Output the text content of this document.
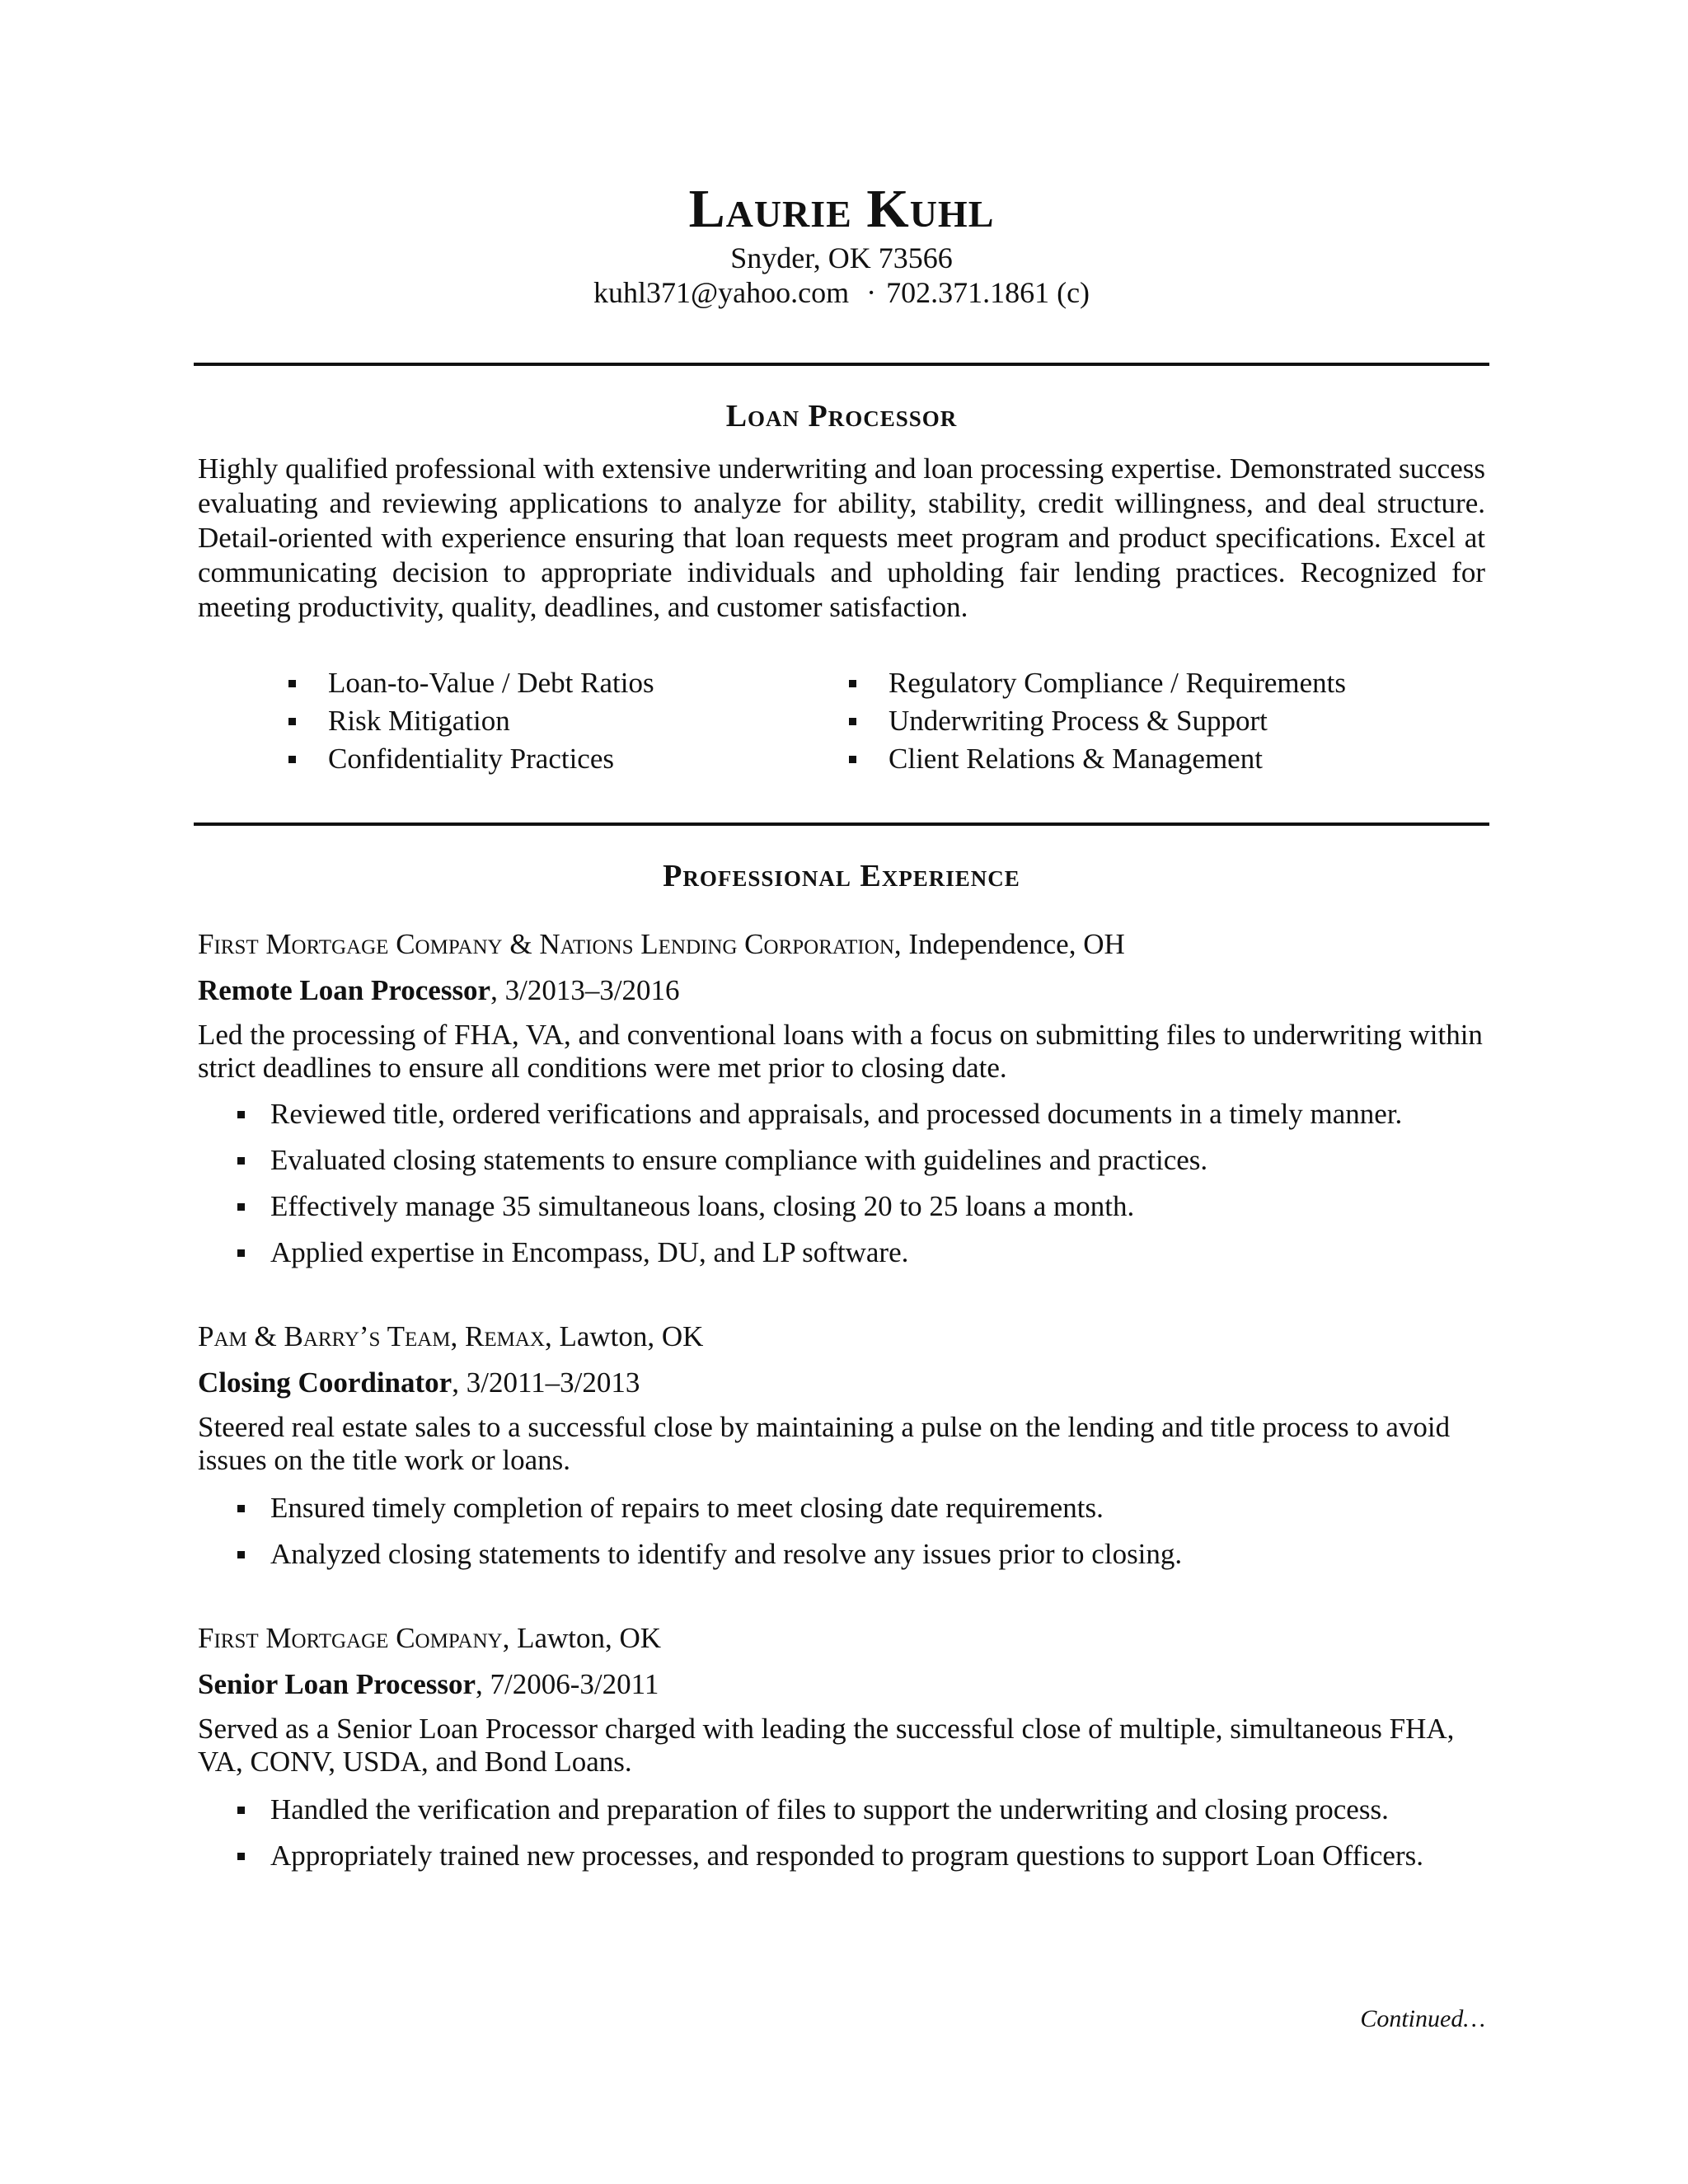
Laurie Kuhl
Snyder, OK 73566
kuhl371@yahoo.com · 702.371.1861 (c)
Loan Processor

Highly qualified professional with extensive underwriting and loan processing expertise. Demonstrated success evaluating and reviewing applications to analyze for ability, stability, credit willingness, and deal structure. Detail-oriented with experience ensuring that loan requests meet program and product specifications. Excel at communicating decision to appropriate individuals and upholding fair lending practices. Recognized for meeting productivity, quality, deadlines, and customer satisfaction.

Loan-to-Value / Debt Ratios
Risk Mitigation
Confidentiality Practices
Regulatory Compliance / Requirements
Underwriting Process & Support
Client Relations & Management
Professional Experience
First Mortgage Company & Nations Lending Corporation, Independence, OH
Remote Loan Processor, 3/2013–3/2016

Led the processing of FHA, VA, and conventional loans with a focus on submitting files to underwriting within strict deadlines to ensure all conditions were met prior to closing date.

Reviewed title, ordered verifications and appraisals, and processed documents in a timely manner.
Evaluated closing statements to ensure compliance with guidelines and practices.
Effectively manage 35 simultaneous loans, closing 20 to 25 loans a month.
Applied expertise in Encompass, DU, and LP software.
Pam & Barry’s Team, Remax, Lawton, OK
Closing Coordinator, 3/2011–3/2013

Steered real estate sales to a successful close by maintaining a pulse on the lending and title process to avoid issues on the title work or loans.

Ensured timely completion of repairs to meet closing date requirements.
Analyzed closing statements to identify and resolve any issues prior to closing.
First Mortgage Company, Lawton, OK
Senior Loan Processor, 7/2006-3/2011

Served as a Senior Loan Processor charged with leading the successful close of multiple, simultaneous FHA, VA, CONV, USDA, and Bond Loans.

Handled the verification and preparation of files to support the underwriting and closing process.
Appropriately trained new processes, and responded to program questions to support Loan Officers.
Continued…
